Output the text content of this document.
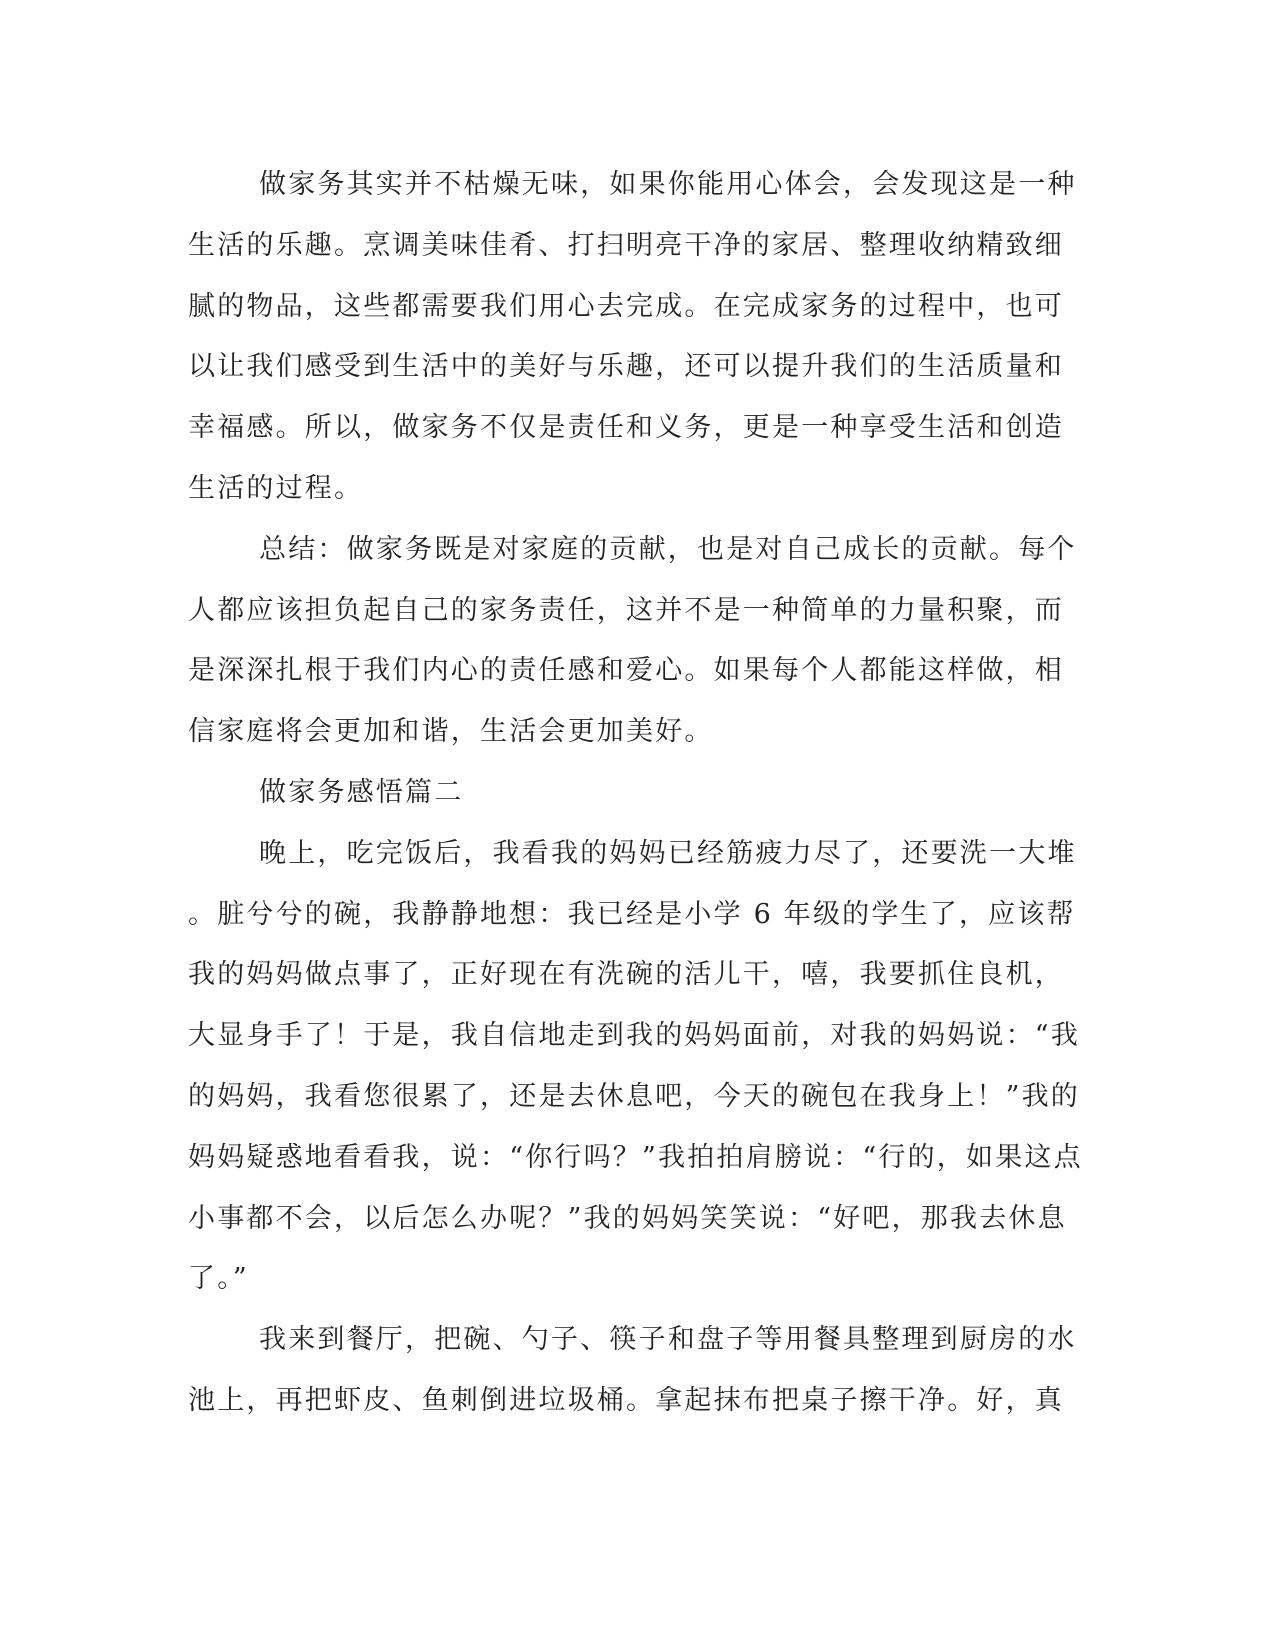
做家务其实并不枯燥无味，如果你能用心体会，会发现这是一种
生活的乐趣。烹调美味佳肴、打扫明亮干净的家居、整理收纳精致细
腻的物品，这些都需要我们用心去完成。在完成家务的过程中，也可
以让我们感受到生活中的美好与乐趣，还可以提升我们的生活质量和
幸福感。所以，做家务不仅是责任和义务，更是一种享受生活和创造
生活的过程。

总结：做家务既是对家庭的贡献，也是对自己成长的贡献。每个
人都应该担负起自己的家务责任，这并不是一种简单的力量积聚，而
是深深扎根于我们内心的责任感和爱心。如果每个人都能这样做，相
信家庭将会更加和谐，生活会更加美好。

做家务感悟篇二

晚上，吃完饭后，我看我的妈妈已经筋疲力尽了，还要洗一大堆
。脏兮兮的碗，我静静地想：我已经是小学 6 年级的学生了，应该帮
我的妈妈做点事了，正好现在有洗碗的活儿干，嘻，我要抓住良机，
大显身手了！于是，我自信地走到我的妈妈面前，对我的妈妈说：“我
的妈妈，我看您很累了，还是去休息吧，今天的碗包在我身上！”我的
妈妈疑惑地看看我，说：“你行吗？”我拍拍肩膀说：“行的，如果这点
小事都不会，以后怎么办呢？”我的妈妈笑笑说：“好吧，那我去休息
了。”

我来到餐厅，把碗、勺子、筷子和盘子等用餐具整理到厨房的水
池上，再把虾皮、鱼刺倒进垃圾桶。拿起抹布把桌子擦干净。好，真
